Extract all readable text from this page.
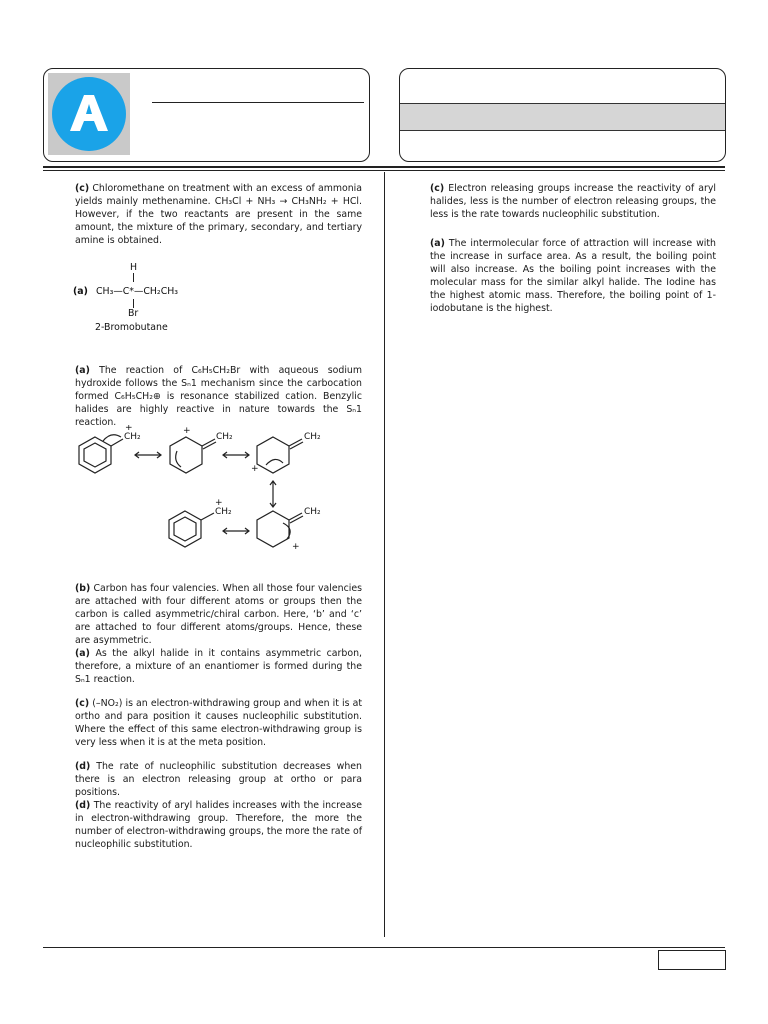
(c) Chloromethane on treatment with an excess of ammonia yields mainly methenamine. CH₃Cl + NH₃ → CH₃NH₂ + HCl. However, if the two reactants are present in the same amount, the mixture of the primary, secondary, and tertiary amine is obtained.
H
(a) CH₃—C*—CH₂CH₃
Br
2-Bromobutane
(a) The reaction of C₆H₅CH₂Br with aqueous sodium hydroxide follows the Sₙ1 mechanism since the carbocation formed C₆H₅CH₂⊕ is resonance stabilized cation. Benzylic halides are highly reactive in nature towards the Sₙ1 reaction.
CH₂
+
CH₂
+
CH₂
+
CH₂
+
CH₂
+
(b) Carbon has four valencies. When all those four valencies are attached with four different atoms or groups then the carbon is called asymmetric/chiral carbon. Here, ‘b’ and ‘c’ are attached to four different atoms/groups. Hence, these are asymmetric.
(a) As the alkyl halide in it contains asymmetric carbon, therefore, a mixture of an enantiomer is formed during the Sₙ1 reaction.
(c) (–NO₂) is an electron-withdrawing group and when it is at ortho and para position it causes nucleophilic substitution. Where the effect of this same electron-withdrawing group is very less when it is at the meta position.
(d) The rate of nucleophilic substitution decreases when there is an electron releasing group at ortho or para positions.
(d) The reactivity of aryl halides increases with the increase in electron-withdrawing group. Therefore, the more the number of electron-withdrawing groups, the more the rate of nucleophilic substitution.
(c) Electron releasing groups increase the reactivity of aryl halides, less is the number of electron releasing groups, the less is the rate towards nucleophilic substitution.
(a) The intermolecular force of attraction will increase with the increase in surface area. As a result, the boiling point will also increase. As the boiling point increases with the molecular mass for the similar alkyl halide. The Iodine has the highest atomic mass. Therefore, the boiling point of 1- iodobutane is the highest.
